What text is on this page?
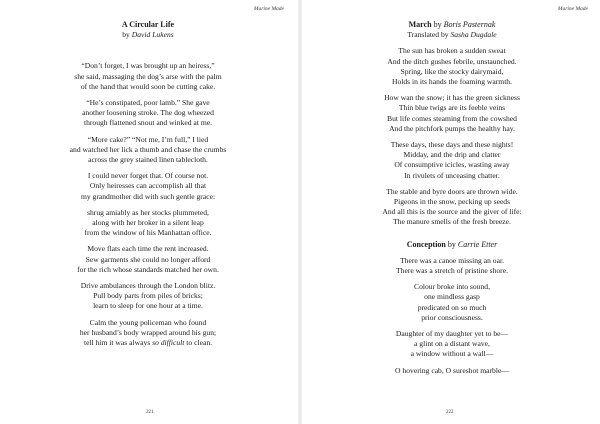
Marine Made
A Circular Life
by David Lukens
“Don’t forget, I was brought up an heiress,”
she said, massaging the dog’s arse with the palm
of the hand that would soon be cutting cake.
“He’s constipated, poor lamb.” She gave
another loosening stroke. The dog wheezed
through flattened snout and winked at me.
“More cake?” “Not me, I’m full,” I lied
and watched her lick a thumb and chase the crumbs
across the grey stained linen tablecloth.
I could never forget that. Of course not.
Only heiresses can accomplish all that
my grandmother did with such gentle grace:
shrug amiably as her stocks plummeted,
along with her broker in a silent leap
from the window of his Manhattan office.
Move flats each time the rent increased.
Sew garments she could no longer afford
for the rich whose standards matched her own.
Drive ambulances through the London blitz.
Pull body parts from piles of bricks;
learn to sleep for one hour at a time.
Calm the young policeman who found
her husband’s body wrapped around his gun;
tell him it was always so difficult to clean.
221
Marine Made
March by Boris Pasternak
Translated by Sasha Dugdale
The sun has broken a sudden sweat
And the ditch gushes febrile, unstaunched.
Spring, like the stocky dairymaid,
Holds in its hands the foaming warmth.
How wan the snow; it has the green sickness
Thin blue twigs are its feeble veins
But life comes steaming from the cowshed
And the pitchfork pumps the healthy hay.
These days, these days and these nights!
Midday, and the drip and clatter
Of consumptive icicles, wasting away
In rivulets of unceasing chatter.
The stable and byre doors are thrown wide.
Pigeons in the snow, pecking up seeds
And all this is the source and the giver of life:
The manure smells of the fresh breeze.
Conception by Carrie Etter
There was a canoe missing an oar.
There was a stretch of pristine shore.
Colour broke into sound,
one mindless gasp
predicated on so much
prior consciousness.
Daughter of my daughter yet to be—
a glint on a distant wave,
a window without a wall—
O hovering cab, O sureshot marble—
222
